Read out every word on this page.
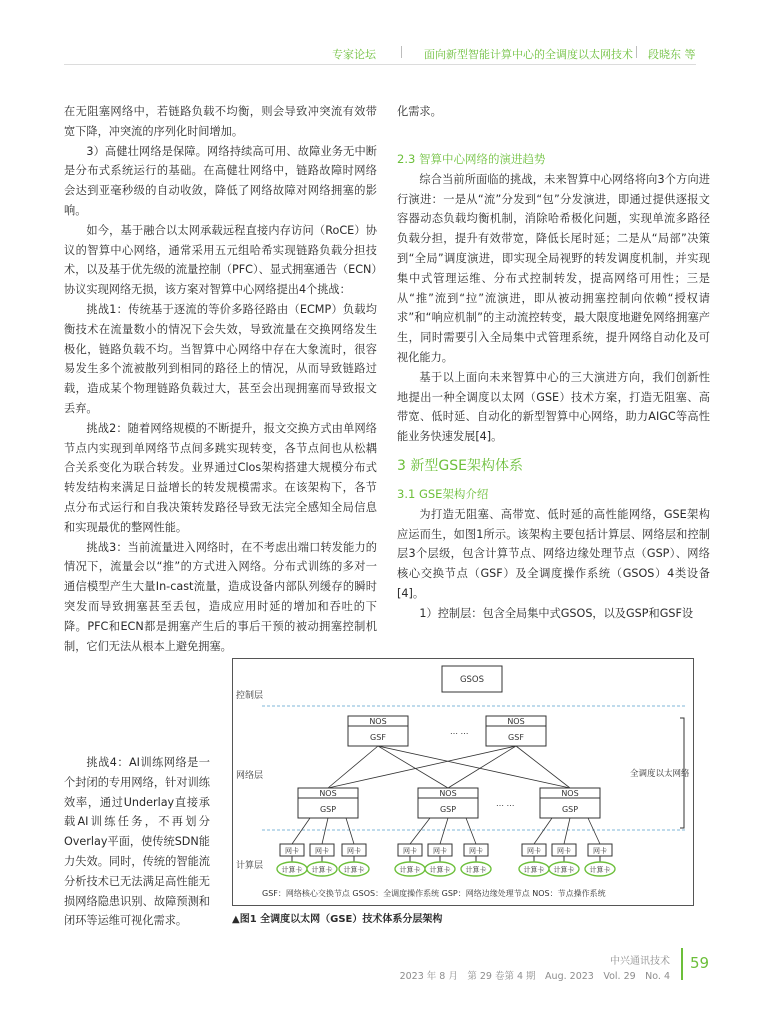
专家论坛	面向新型智能计算中心的全调度以太网技术 段晓东 等

在无阻塞网络中，若链路负载不均衡，则会导致冲突流有效带宽下降，冲突流的序列化时间增加。

3）高健壮网络是保障。网络持续高可用、故障业务无中断是分布式系统运行的基础。在高健壮网络中，链路故障时网络会达到亚毫秒级的自动收敛，降低了网络故障对网络拥塞的影响。

如今，基于融合以太网承载远程直接内存访问（RoCE）协议的智算中心网络，通常采用五元组哈希实现链路负载分担技术，以及基于优先级的流量控制（PFC）、显式拥塞通告（ECN）协议实现网络无损，该方案对智算中心网络提出4个挑战：

挑战1：传统基于逐流的等价多路径路由（ECMP）负载均衡技术在流量数小的情况下会失效，导致流量在交换网络发生极化，链路负载不均。当智算中心网络中存在大象流时，很容易发生多个流被散列到相同的路径上的情况，从而导致链路过载，造成某个物理链路负载过大，甚至会出现拥塞而导致报文丢弃。

挑战2：随着网络规模的不断提升，报文交换方式由单网络节点内实现到单网络节点间多跳实现转变，各节点间也从松耦合关系变化为联合转发。业界通过Clos架构搭建大规模分布式转发结构来满足日益增长的转发规模需求。在该架构下，各节点分布式运行和自我决策转发路径导致无法完全感知全局信息和实现最优的整网性能。

挑战3：当前流量进入网络时，在不考虑出端口转发能力的情况下，流量会以“推”的方式进入网络。分布式训练的多对一通信模型产生大量In-cast流量，造成设备内部队列缓存的瞬时突发而导致拥塞甚至丢包，造成应用时延的增加和吞吐的下降。PFC和ECN都是拥塞产生后的事后干预的被动拥塞控制机制，它们无法从根本上避免拥塞。

挑战4：AI训练网络是一个封闭的专用网络，针对训练效率，通过Underlay直接承载AI训练任务，不再划分Overlay平面，使传统SDN能力失效。同时，传统的智能流分析技术已无法满足高性能无损网络隐患识别、故障预测和闭环等运维可视化需求。

化需求。

2.3 智算中心网络的演进趋势

综合当前所面临的挑战，未来智算中心网络将向3个方向进行演进：一是从“流”分发到“包”分发演进，即通过提供逐报文容器动态负载均衡机制，消除哈希极化问题，实现单流多路径负载分担，提升有效带宽，降低长尾时延；二是从“局部”决策到“全局”调度演进，即实现全局视野的转发调度机制，并实现集中式管理运维、分布式控制转发，提高网络可用性；三是从“推”流到“拉”流演进，即从被动拥塞控制向依赖“授权请求”和“响应机制”的主动流控转变，最大限度地避免网络拥塞产生，同时需要引入全局集中式管理系统，提升网络自动化及可视化能力。

基于以上面向未来智算中心的三大演进方向，我们创新性地提出一种全调度以太网（GSE）技术方案，打造无阻塞、高带宽、低时延、自动化的新型智算中心网络，助力AIGC等高性能业务快速发展[4]。

3 新型GSE架构体系

3.1 GSE架构介绍

为打造无阻塞、高带宽、低时延的高性能网络，GSE架构应运而生，如图1所示。该架构主要包括计算层、网络层和控制层3个层级，包含计算节点、网络边缘处理节点（GSP）、网络核心交换节点（GSF）及全调度操作系统（GSOS）4类设备[4]。

1）控制层：包含全局集中式GSOS，以及GSP和GSF设

控制层
网络层
计算层
全调度以太网络
GSOS
NOS
GSF
… …
NOS
GSF
NOS
GSP
NOS
GSP
… …
NOS
GSP
网卡
计算卡
网卡
计算卡
网卡
计算卡
网卡
计算卡
网卡
计算卡
网卡
计算卡
网卡
计算卡
网卡
计算卡
网卡
计算卡
GSF：网络核心交换节点 GSOS：全调度操作系统 GSP：网络边缘处理节点 NOS：节点操作系统
▲图1 全调度以太网（GSE）技术体系分层架构
中兴通讯技术
2023 年 8 月　第 29 卷第 4 期　Aug. 2023　Vol. 29　No. 4
59
